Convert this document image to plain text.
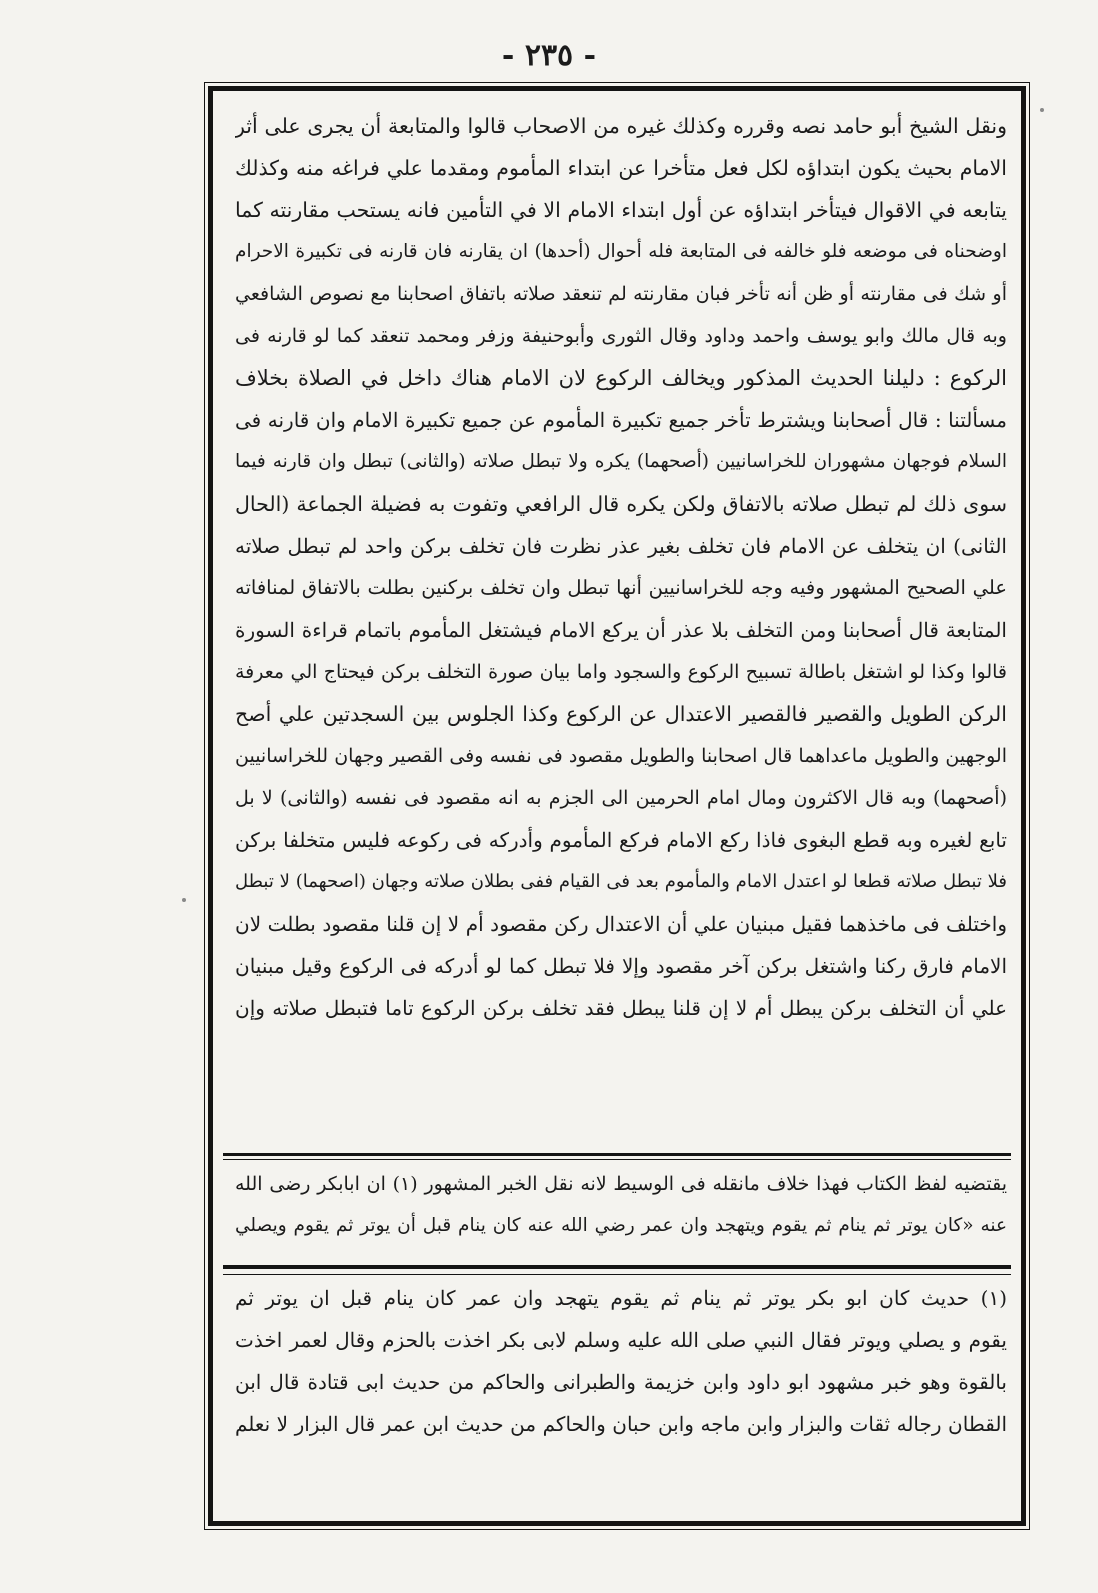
- ٢٣٥ -
ونقل الشيخ أبو حامد نصه وقرره وكذلك غيره من الاصحاب قالوا والمتابعة أن يجرى على أثر
الامام بحيث يكون ابتداؤه لكل فعل متأخرا عن ابتداء المأموم ومقدما علي فراغه منه وكذلك
يتابعه في الاقوال فيتأخر ابتداؤه عن أول ابتداء الامام الا في التأمين فانه يستحب مقارنته كما
اوضحناه فى موضعه فلو خالفه فى المتابعة فله أحوال (أحدها) ان يقارنه فان قارنه فى تكبيرة الاحرام
أو شك فى مقارنته أو ظن أنه تأخر فبان مقارنته لم تنعقد صلاته باتفاق اصحابنا مع نصوص الشافعي
وبه قال مالك وابو يوسف واحمد وداود وقال الثورى وأبوحنيفة وزفر ومحمد تنعقد كما لو قارنه فى
الركوع : دليلنا الحديث المذكور ويخالف الركوع لان الامام هناك داخل في الصلاة بخلاف
مسألتنا : قال أصحابنا ويشترط تأخر جميع تكبيرة المأموم عن جميع تكبيرة الامام وان قارنه فى
السلام فوجهان مشهوران للخراسانيين (أصحهما) يكره ولا تبطل صلاته (والثانى) تبطل وان قارنه فيما
سوى ذلك لم تبطل صلاته بالاتفاق ولكن يكره قال الرافعي وتفوت به فضيلة الجماعة (الحال
الثانى) ان يتخلف عن الامام فان تخلف بغير عذر نظرت فان تخلف بركن واحد لم تبطل صلاته
علي الصحيح المشهور وفيه وجه للخراسانيين أنها تبطل وان تخلف بركنين بطلت بالاتفاق لمنافاته
المتابعة قال أصحابنا ومن التخلف بلا عذر أن يركع الامام فيشتغل المأموم باتمام قراءة السورة
قالوا وكذا لو اشتغل باطالة تسبيح الركوع والسجود واما بيان صورة التخلف بركن فيحتاج الي معرفة
الركن الطويل والقصير فالقصير الاعتدال عن الركوع وكذا الجلوس بين السجدتين علي أصح
الوجهين والطويل ماعداهما قال اصحابنا والطويل مقصود فى نفسه وفى القصير وجهان للخراسانيين
(أصحهما) وبه قال الاكثرون ومال امام الحرمين الى الجزم به انه مقصود فى نفسه (والثانى) لا بل
تابع لغيره وبه قطع البغوى فاذا ركع الامام فركع المأموم وأدركه فى ركوعه فليس متخلفا بركن
فلا تبطل صلاته قطعا لو اعتدل الامام والمأموم بعد فى القيام ففى بطلان صلاته وجهان (اصحهما) لا تبطل
واختلف فى ماخذهما فقيل مبنيان علي أن الاعتدال ركن مقصود أم لا إن قلنا مقصود بطلت لان
الامام فارق ركنا واشتغل بركن آخر مقصود وإلا فلا تبطل كما لو أدركه فى الركوع وقيل مبنيان
علي أن التخلف بركن يبطل أم لا إن قلنا يبطل فقد تخلف بركن الركوع تاما فتبطل صلاته وإن
يقتضيه لفظ الكتاب فهذا خلاف مانقله فى الوسيط لانه نقل الخبر المشهور (١) ان ابابكر رضى الله
عنه «كان يوتر ثم ينام ثم يقوم ويتهجد وان عمر رضي الله عنه كان ينام قبل أن يوتر ثم يقوم ويصلي
(١) حديث كان ابو بكر يوتر ثم ينام ثم يقوم يتهجد وان عمر كان ينام قبل ان يوتر ثم
يقوم و يصلي ويوتر فقال النبي صلى الله عليه وسلم لابى بكر اخذت بالحزم وقال لعمر اخذت
بالقوة وهو خبر مشهود ابو داود وابن خزيمة والطبرانى والحاكم من حديث ابى قتادة قال ابن
القطان رجاله ثقات والبزار وابن ماجه وابن حبان والحاكم من حديث ابن عمر قال البزار لا نعلم
